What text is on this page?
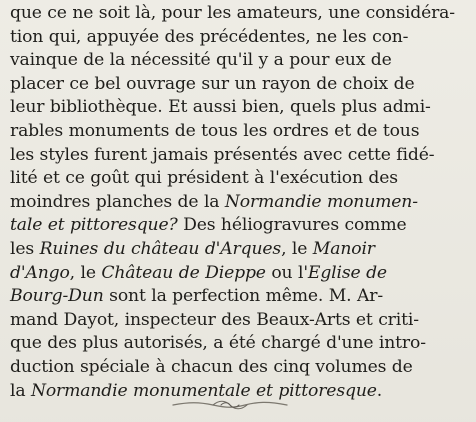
que ce ne soit là, pour les amateurs, une considéra-
tion qui, appuyée des précédentes, ne les con-
vainque de la nécessité qu'il y a pour eux de
placer ce bel ouvrage sur un rayon de choix de
leur bibliothèque. Et aussi bien, quels plus admi-
rables monuments de tous les ordres et de tous
les styles furent jamais présentés avec cette fidé-
lité et ce goût qui président à l'exécution des
moindres planches de la Normandie monumen-
tale et pittoresque? Des héliogravures comme
les Ruines du château d'Arques, le Manoir
d'Ango, le Château de Dieppe ou l'Eglise de
Bourg-Dun sont la perfection même. M. Ar-
mand Dayot, inspecteur des Beaux-Arts et criti-
que des plus autorisés, a été chargé d'une intro-
duction spéciale à chacun des cinq volumes de
la Normandie monumentale et pittoresque.
